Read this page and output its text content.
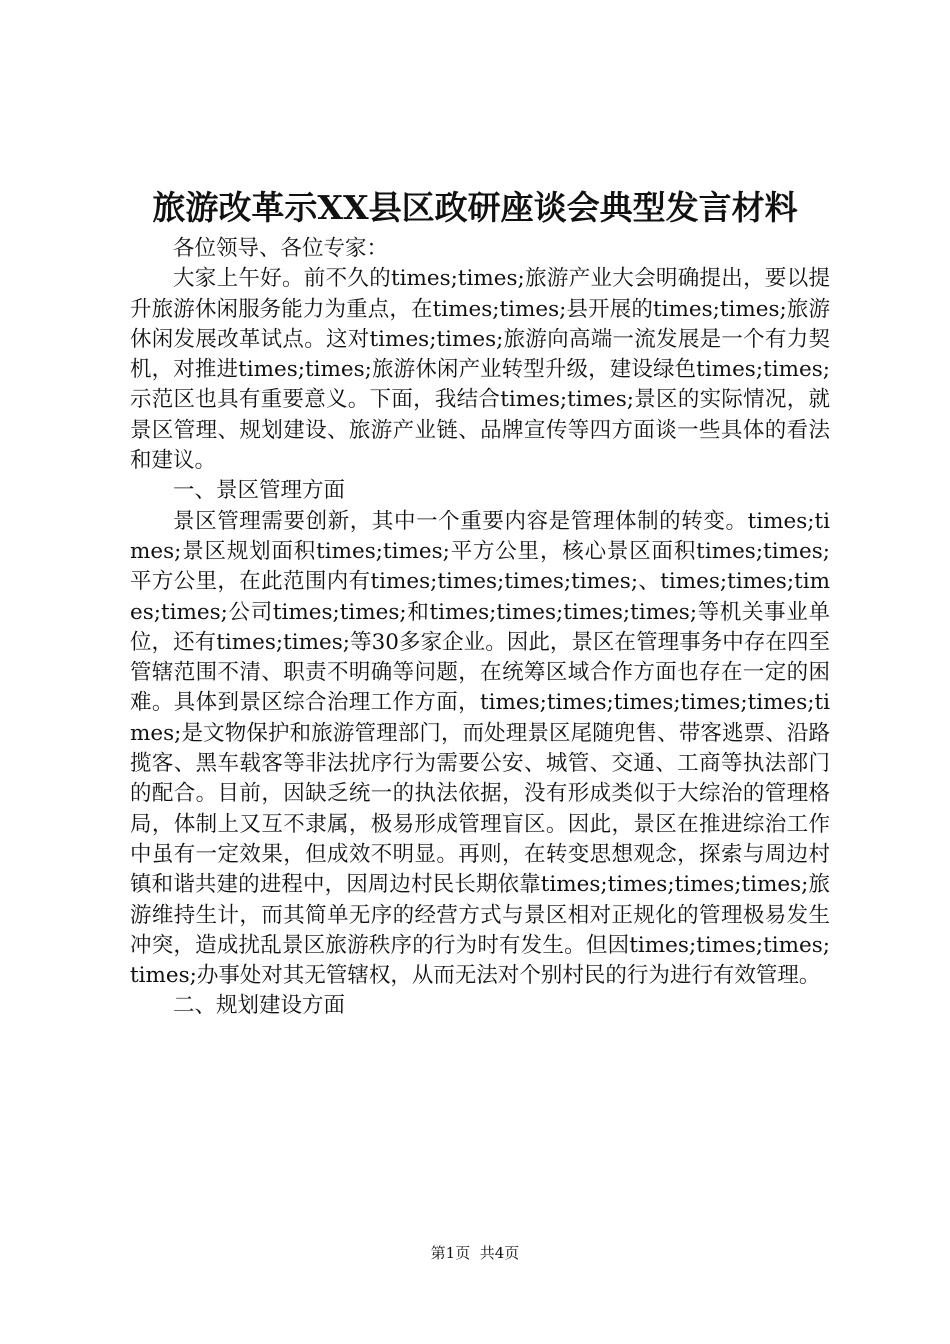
旅游改革示XX县区政研座谈会典型发言材料

各位领导、各位专家：

大家上午好。前不久的times;times;旅游产业大会明确提出，要以提升旅游休闲服务能力为重点，在times;times;县开展的times;times;旅游休闲发展改革试点。这对times;times;旅游向高端一流发展是一个有力契机，对推进times;times;旅游休闲产业转型升级，建设绿色times;times;示范区也具有重要意义。下面，我结合times;times;景区的实际情况，就景区管理、规划建设、旅游产业链、品牌宣传等四方面谈一些具体的看法和建议。

一、景区管理方面

景区管理需要创新，其中一个重要内容是管理体制的转变。times;times;景区规划面积times;times;平方公里，核心景区面积times;times;平方公里，在此范围内有times;times;times;times;、times;times;times;times;公司times;times;和times;times;times;times;等机关事业单位，还有times;times;等30多家企业。因此，景区在管理事务中存在四至管辖范围不清、职责不明确等问题，在统筹区域合作方面也存在一定的困难。具体到景区综合治理工作方面，times;times;times;times;times;times;是文物保护和旅游管理部门，而处理景区尾随兜售、带客逃票、沿路揽客、黑车载客等非法扰序行为需要公安、城管、交通、工商等执法部门的配合。目前，因缺乏统一的执法依据，没有形成类似于大综治的管理格局，体制上又互不隶属，极易形成管理盲区。因此，景区在推进综治工作中虽有一定效果，但成效不明显。再则，在转变思想观念，探索与周边村镇和谐共建的进程中，因周边村民长期依靠times;times;times;times;旅游维持生计，而其简单无序的经营方式与景区相对正规化的管理极易发生冲突，造成扰乱景区旅游秩序的行为时有发生。但因times;times;times;times;办事处对其无管辖权，从而无法对个别村民的行为进行有效管理。

二、规划建设方面

第1页 共4页
